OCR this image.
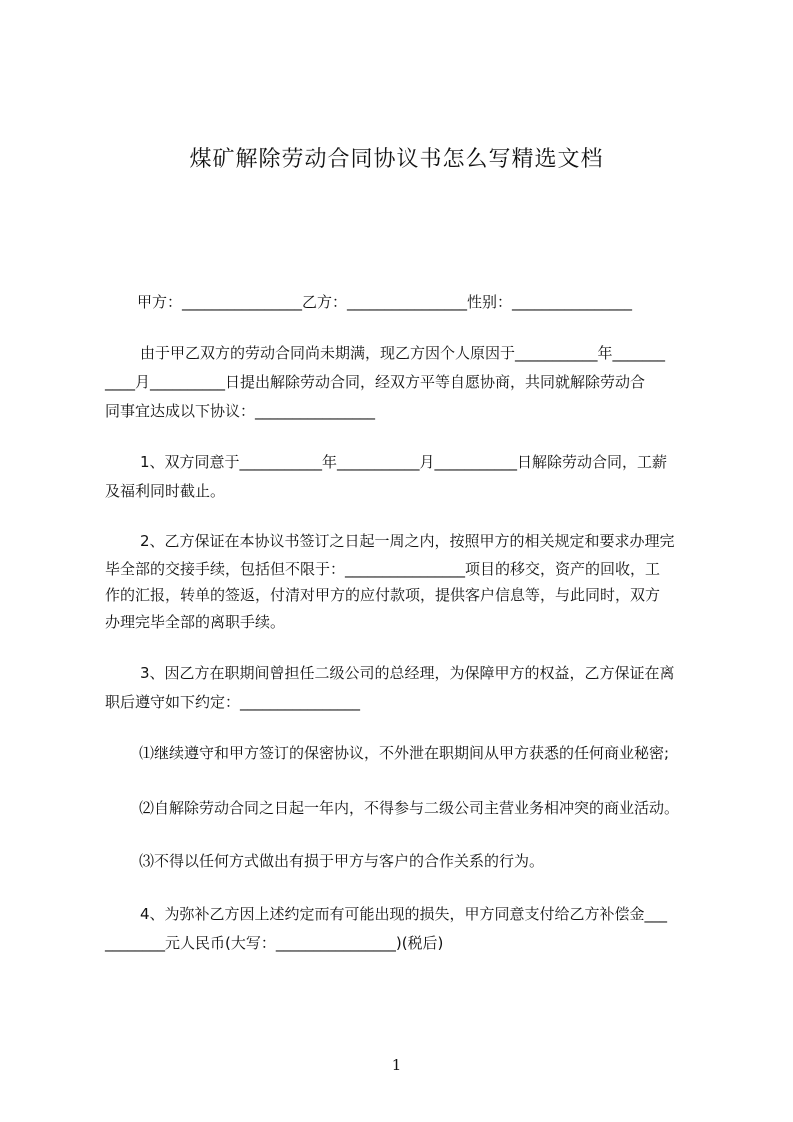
煤矿解除劳动合同协议书怎么写精选文档
甲方：________________乙方：________________性别：________________
由于甲乙双方的劳动合同尚未期满，现乙方因个人原因于___________年_______
____月__________日提出解除劳动合同，经双方平等自愿协商，共同就解除劳动合
同事宜达成以下协议：________________
1、双方同意于___________年___________月___________日解除劳动合同，工薪
及福利同时截止。
2、乙方保证在本协议书签订之日起一周之内，按照甲方的相关规定和要求办理完
毕全部的交接手续，包括但不限于：________________项目的移交，资产的回收，工
作的汇报，转单的签返，付清对甲方的应付款项，提供客户信息等，与此同时，双方
办理完毕全部的离职手续。
3、因乙方在职期间曾担任二级公司的总经理，为保障甲方的权益，乙方保证在离
职后遵守如下约定：________________
⑴继续遵守和甲方签订的保密协议，不外泄在职期间从甲方获悉的任何商业秘密;
⑵自解除劳动合同之日起一年内，不得参与二级公司主营业务相冲突的商业活动。
⑶不得以任何方式做出有损于甲方与客户的合作关系的行为。
4、为弥补乙方因上述约定而有可能出现的损失，甲方同意支付给乙方补偿金___
________元人民币(大写：________________)(税后)
1
